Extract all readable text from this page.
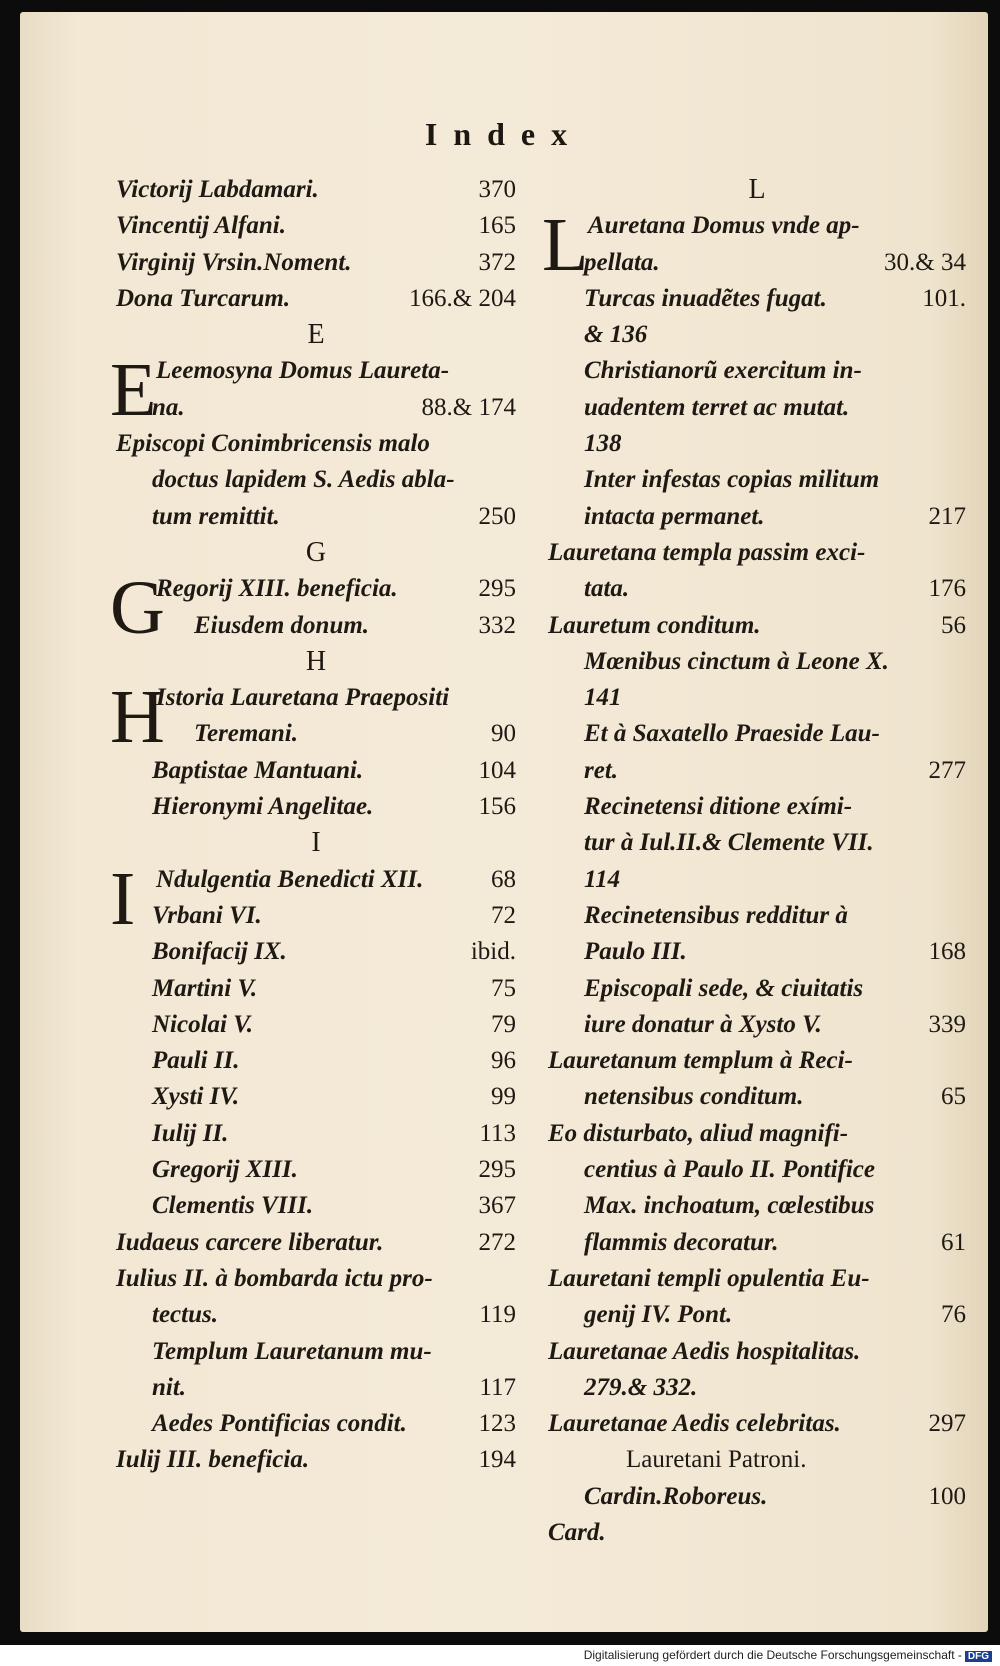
Index
Victorij Labdamari.	370
Vincentij Alfani.	165
Virginij Vrsin.Noment.	372
Dona Turcarum.	166.& 204
E
E Leemosyna Domus Laureta-
na.	88.& 174
Episcopi Conimbricensis malo
doctus lapidem S. Aedis abla-
tum remittit.	250
G
G
Regorij XIII. beneficia.	295
Eiusdem donum.	332
H
H
Istoria Lauretana Praepositi
Teremani.	90
Baptistae Mantuani.	104
Hieronymi Angelitae.	156
I
I Ndulgentia Benedicti XII.	68
Vrbani VI.	72
Bonifacij IX.	ibid.
Martini V.	75
Nicolai V.	79
Pauli II.	96
Xysti IV.	99
Iulij II.	113
Gregorij XIII.	295
Clementis VIII.	367
Iudaeus carcere liberatur.	272
Iulius II. à bombarda ictu pro-
tectus.	119
Templum Lauretanum mu-
nit.	117
Aedes Pontificias condit.	123
Iulij III. beneficia.	194
L
L Auretana Domus vnde ap-
pellata.	30.& 34
Turcas inuadẽtes fugat.	101.
& 136
Christianorũ exercitum in-
uadentem terret ac mutat.
138
Inter infestas copias militum
intacta permanet.	217
Lauretana templa passim exci-
tata.	176
Lauretum conditum.	56
Mœnibus cinctum à Leone X.
141
Et à Saxatello Praeside Lau-
ret.	277
Recinetensi ditione exími-
tur à Iul.II.& Clemente VII.
114
Recinetensibus redditur à
Paulo III.	168
Episcopali sede, & ciuitatis
iure donatur à Xysto V.	339
Lauretanum templum à Reci-
netensibus conditum.	65
Eo disturbato, aliud magnifi-
centius à Paulo II. Pontifice
Max. inchoatum, cœlestibus
flammis decoratur.	61
Lauretani templi opulentia Eu-
genij IV. Pont.	76
Lauretanae Aedis hospitalitas.
279.& 332.
Lauretanae Aedis celebritas.	297
Lauretani Patroni.
Cardin.Roboreus.	100
Card.
Digitalisierung gefördert durch die Deutsche Forschungsgemeinschaft - DFG
